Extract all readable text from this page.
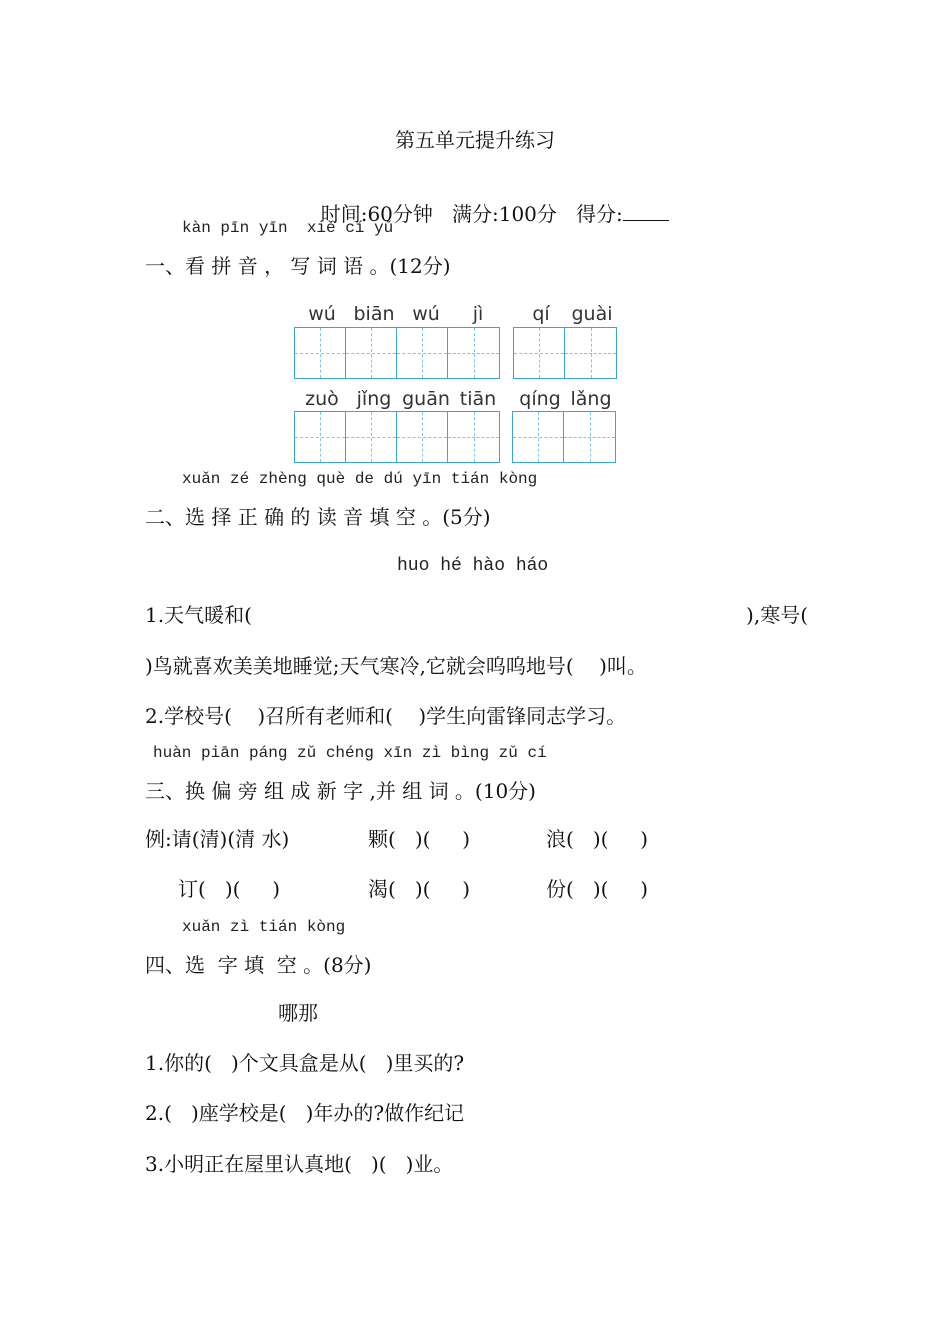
第五单元提升练习

时间:60分钟 满分:100分 得分:

kàn pīn yīn  xiě cí yǔ
一、看 拼 音 ， 写 词 语 。(12分)
wú biān wú	jì	qí	guài
zuò jǐng guān tiān	qíng lǎng
xuǎn zé zhèng què de dú yīn tián kòng
二、选 择 正 确 的 读 音 填 空 。(5分)
huo hé hào háo
1.天气暖和(	),寒号(
)鸟就喜欢美美地睡觉;天气寒冷,它就会呜呜地号(    )叫。
2.学校号(    )召所有老师和(    )学生向雷锋同志学习。
huàn piān páng zǔ chéng xīn zì bìng zǔ cí
三、换 偏 旁 组 成 新 字 ,并 组 词 。(10分)
例:请(清)(清 水)	颗(   )(     )	浪(   )(     )
订(   )(     )	渴(   )(     )	份(   )(     )
xuǎn zì tián kòng
四、选  字 填  空 。(8分)
哪那
1.你的(   )个文具盒是从(   )里买的?
2.(   )座学校是(   )年办的?做作纪记
3.小明正在屋里认真地(   )(   )业。
